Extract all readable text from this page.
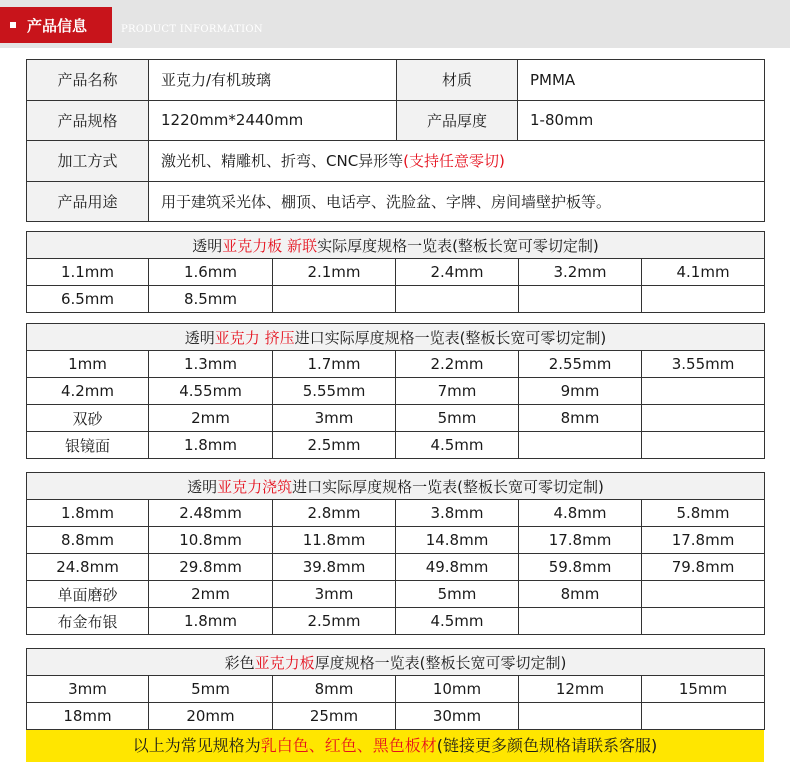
产品信息	PRODUCT INFORMATION
产品名称	亚克力/有机玻璃	材质	PMMA
产品规格	1220mm*2440mm	产品厚度	1-80mm
加工方式	激光机、精雕机、折弯、CNC异形等(支持任意零切)		
产品用途	用于建筑采光体、棚顶、电话亭、洗脸盆、字牌、房间墙壁护板等。		
透明亚克力板 新联实际厚度规格一览表(整板长宽可零切定制)					
1.1mm	1.6mm	2.1mm	2.4mm	3.2mm	4.1mm
6.5mm	8.5mm				
透明亚克力 挤压进口实际厚度规格一览表(整板长宽可零切定制)					
1mm	1.3mm	1.7mm	2.2mm	2.55mm	3.55mm
4.2mm	4.55mm	5.55mm	7mm	9mm	
双砂	2mm	3mm	5mm	8mm	
银镜面	1.8mm	2.5mm	4.5mm		
透明亚克力浇筑进口实际厚度规格一览表(整板长宽可零切定制)					
1.8mm	2.48mm	2.8mm	3.8mm	4.8mm	5.8mm
8.8mm	10.8mm	11.8mm	14.8mm	17.8mm	17.8mm
24.8mm	29.8mm	39.8mm	49.8mm	59.8mm	79.8mm
单面磨砂	2mm	3mm	5mm	8mm	
布金布银	1.8mm	2.5mm	4.5mm		
彩色亚克力板厚度规格一览表(整板长宽可零切定制)					
3mm	5mm	8mm	10mm	12mm	15mm
18mm	20mm	25mm	30mm		
以上为常见规格为乳白色、红色、黑色板材(链接更多颜色规格请联系客服)
